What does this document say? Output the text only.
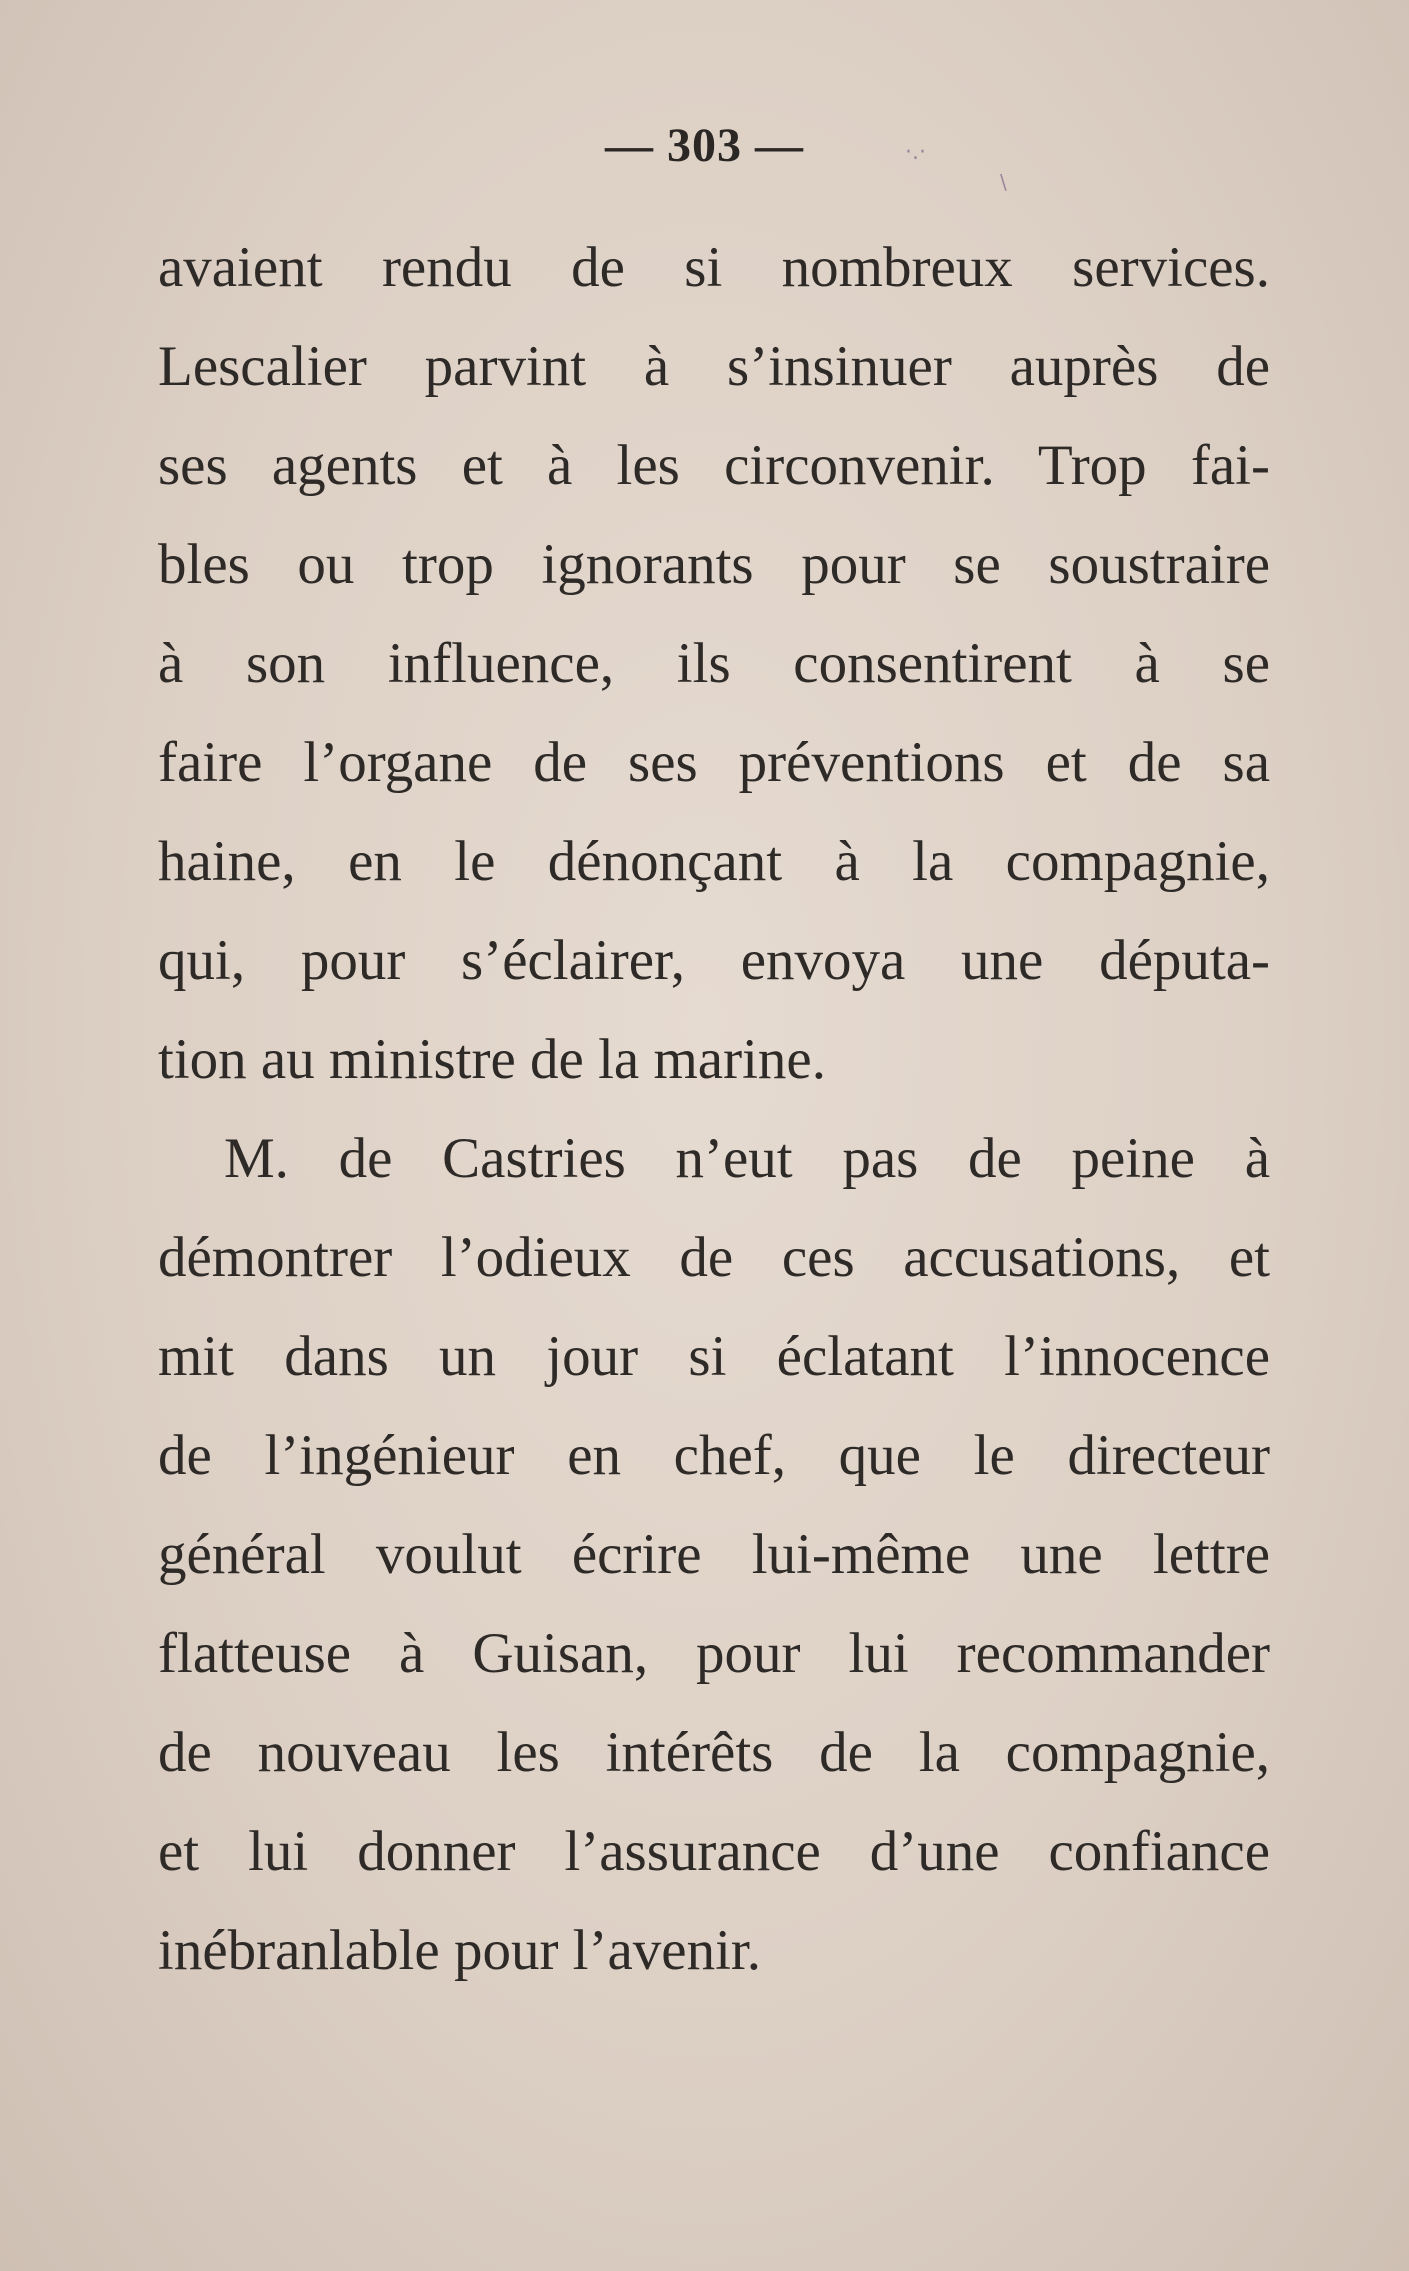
— 303 —	·.·
\
avaient rendu de si nombreux services.
Lescalier parvint à s’insinuer auprès de
ses agents et à les circonvenir. Trop fai-
bles ou trop ignorants pour se soustraire
à son influence, ils consentirent à se
faire l’organe de ses préventions et de sa
haine, en le dénonçant à la compagnie,
qui, pour s’éclairer, envoya une députa-
tion au ministre de la marine.
M. de Castries n’eut pas de peine à
démontrer l’odieux de ces accusations, et
mit dans un jour si éclatant l’innocence
de l’ingénieur en chef, que le directeur
général voulut écrire lui-même une lettre
flatteuse à Guisan, pour lui recommander
de nouveau les intérêts de la compagnie,
et lui donner l’assurance d’une confiance
inébranlable pour l’avenir.
